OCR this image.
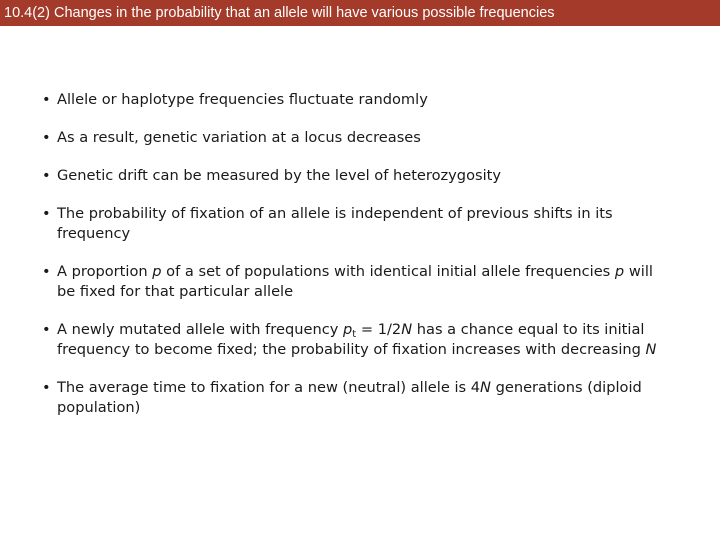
10.4(2) Changes in the probability that an allele will have various possible frequencies
• Allele or haplotype frequencies fluctuate randomly
• As a result, genetic variation at a locus decreases
• Genetic drift can be measured by the level of heterozygosity
• The probability of fixation of an allele is independent of previous shifts in its frequency
• A proportion p of a set of populations with identical initial allele frequencies p will be fixed for that particular allele
• A newly mutated allele with frequency $p_t = 1/2N$ has a chance equal to its initial frequency to become fixed; the probability of fixation increases with decreasing N
• The average time to fixation for a new (neutral) allele is 4N generations (diploid population)
